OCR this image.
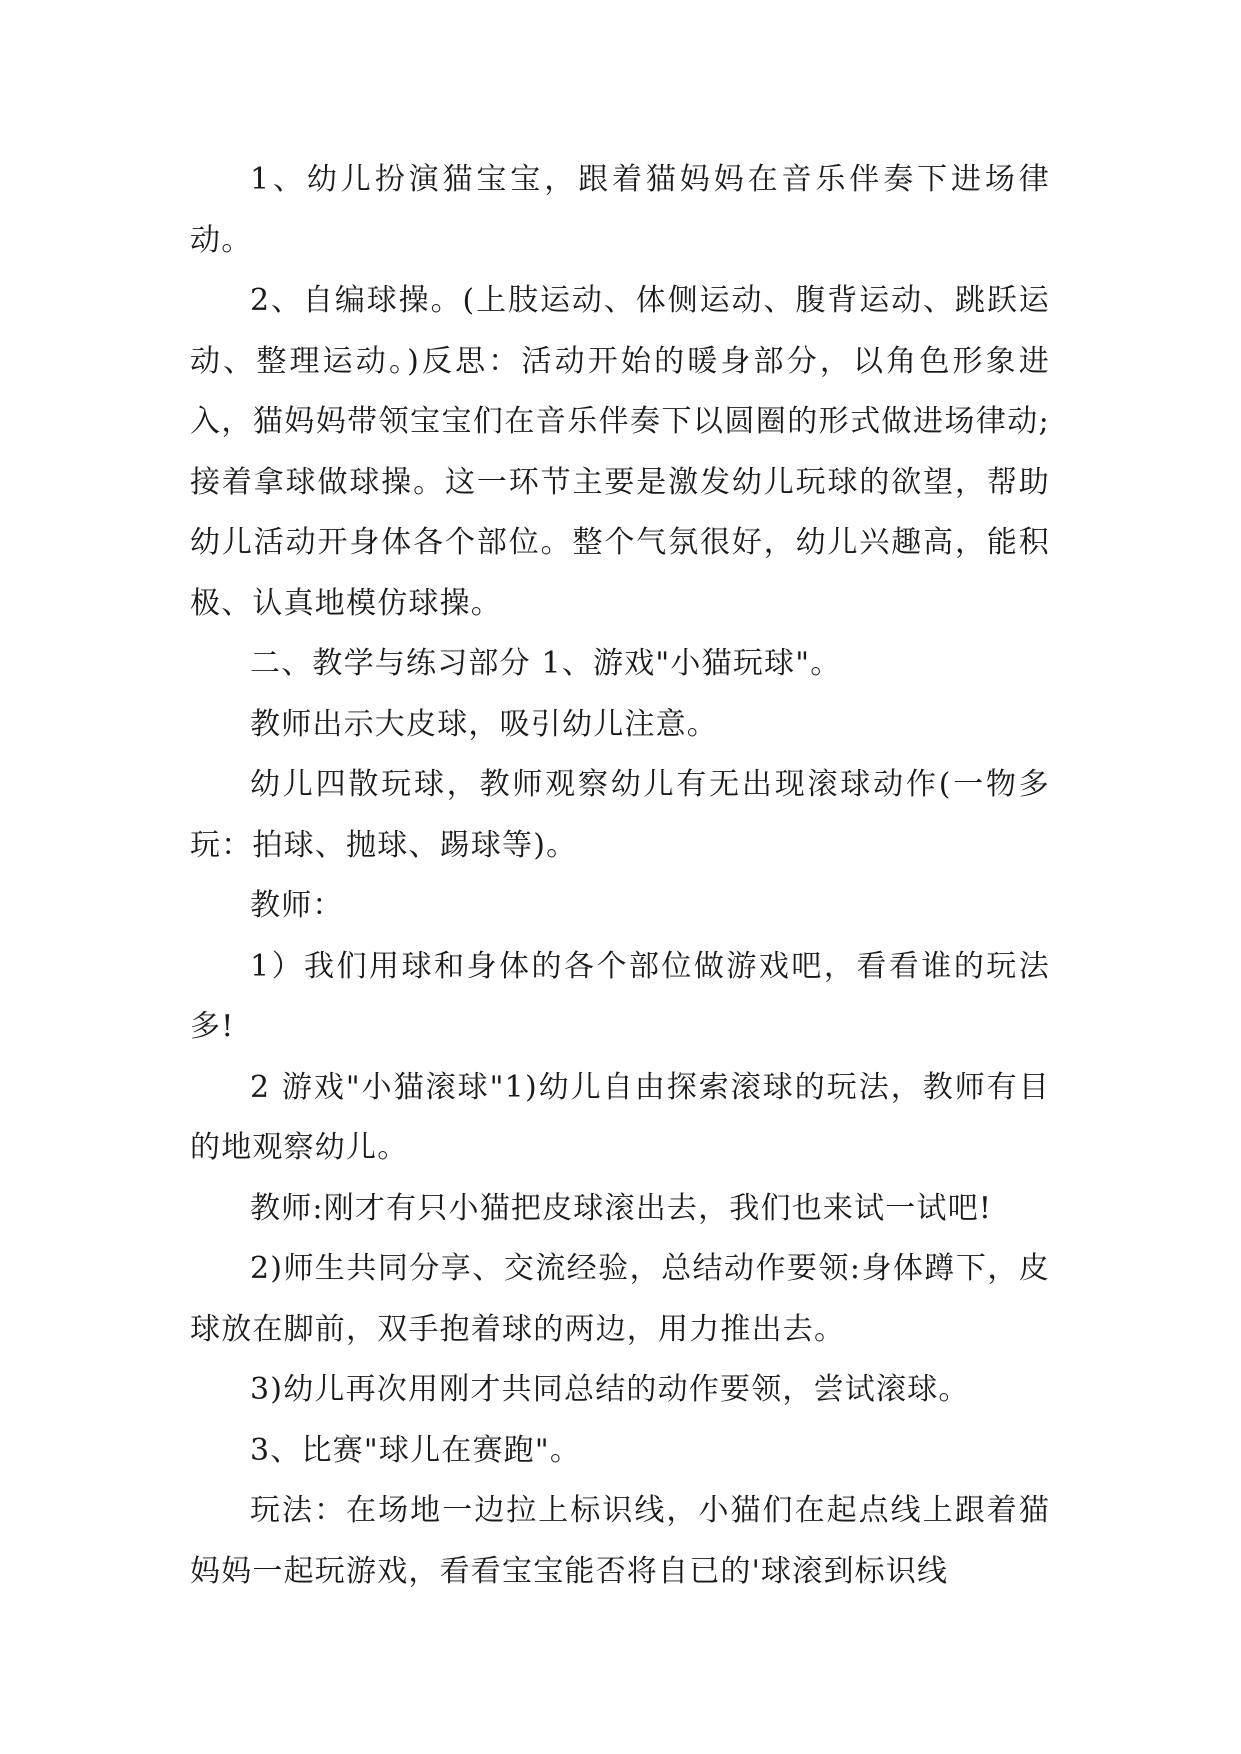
1、幼儿扮演猫宝宝，跟着猫妈妈在音乐伴奏下进场律动。

2、自编球操。(上肢运动、体侧运动、腹背运动、跳跃运动、整理运动。)反思：活动开始的暖身部分，以角色形象进入，猫妈妈带领宝宝们在音乐伴奏下以圆圈的形式做进场律动;接着拿球做球操。这一环节主要是激发幼儿玩球的欲望，帮助幼儿活动开身体各个部位。整个气氛很好，幼儿兴趣高，能积极、认真地模仿球操。

二、教学与练习部分 1、游戏"小猫玩球"。

教师出示大皮球，吸引幼儿注意。

幼儿四散玩球，教师观察幼儿有无出现滚球动作(一物多玩：拍球、抛球、踢球等)。

教师：

1）我们用球和身体的各个部位做游戏吧，看看谁的玩法多!

2 游戏"小猫滚球"1)幼儿自由探索滚球的玩法，教师有目的地观察幼儿。

教师:刚才有只小猫把皮球滚出去，我们也来试一试吧!

2)师生共同分享、交流经验，总结动作要领:身体蹲下，皮球放在脚前，双手抱着球的两边，用力推出去。

3)幼儿再次用刚才共同总结的动作要领，尝试滚球。

3、比赛"球儿在赛跑"。

玩法：在场地一边拉上标识线，小猫们在起点线上跟着猫妈妈一起玩游戏，看看宝宝能否将自已的'球滚到标识线
